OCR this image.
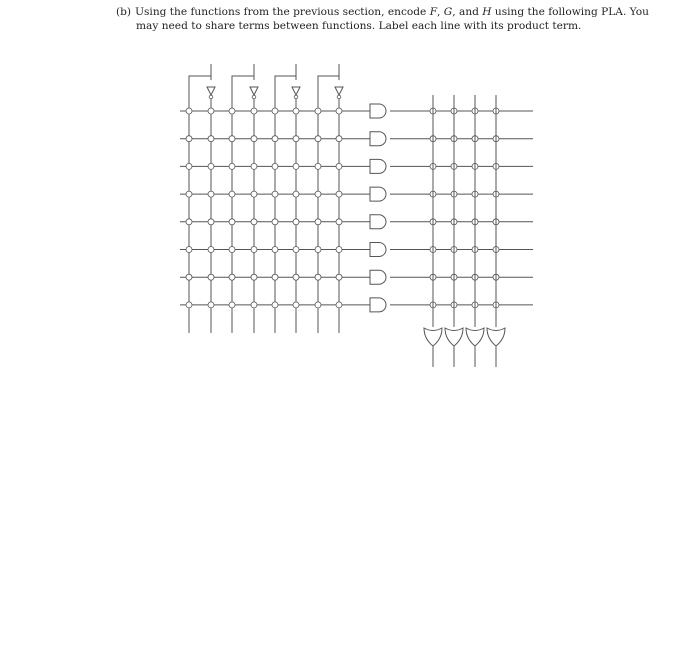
(b) Using the functions from the previous section, encode F, G, and H using the following PLA. You
may need to share terms between functions. Label each line with its product term.
